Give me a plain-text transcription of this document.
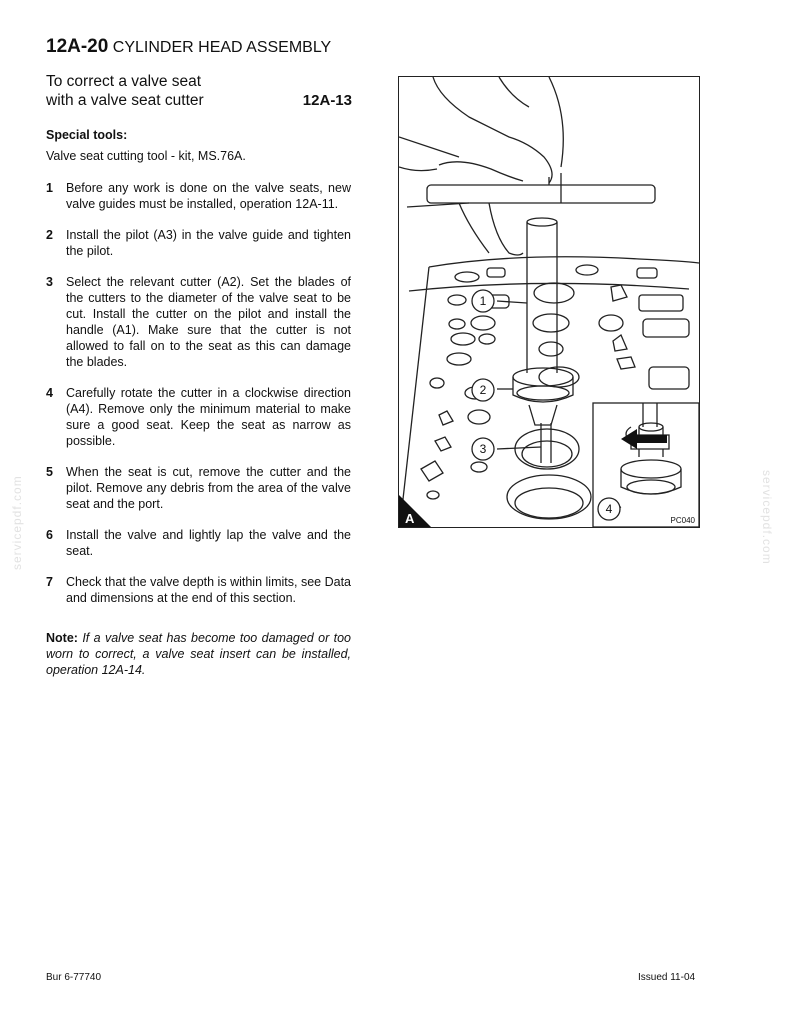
12A-20 CYLINDER HEAD ASSEMBLY
To correct a valve seat
with a valve seat cutter	12A-13
Special tools:
Valve seat cutting tool - kit, MS.76A.
1	Before any work is done on the valve seats, new valve guides must be installed, operation 12A-11.
2	Install the pilot (A3) in the valve guide and tighten the pilot.
3	Select the relevant cutter (A2). Set the blades of the cutters to the diameter of the valve seat to be cut. Install the cutter on the pilot and install the handle (A1). Make sure that the cutter is not allowed to fall on to the seat as this can damage the blades.
4	Carefully rotate the cutter in a clockwise direction (A4). Remove only the minimum material to make sure a good seat. Keep the seat as narrow as possible.
5	When the seat is cut, remove the cutter and the pilot. Remove any debris from the area of the valve seat and the port.
6	Install the valve and lightly lap the valve and the seat.
7	Check that the valve depth is within limits, see Data and dimensions at the end of this section.
Note: If a valve seat has become too damaged or too worn to correct, a valve seat insert can be installed, operation 12A-14.
1
2
3
4
A	PC040
servicepdf.com	servicepdf.com
Bur 6-77740	Issued 11-04
